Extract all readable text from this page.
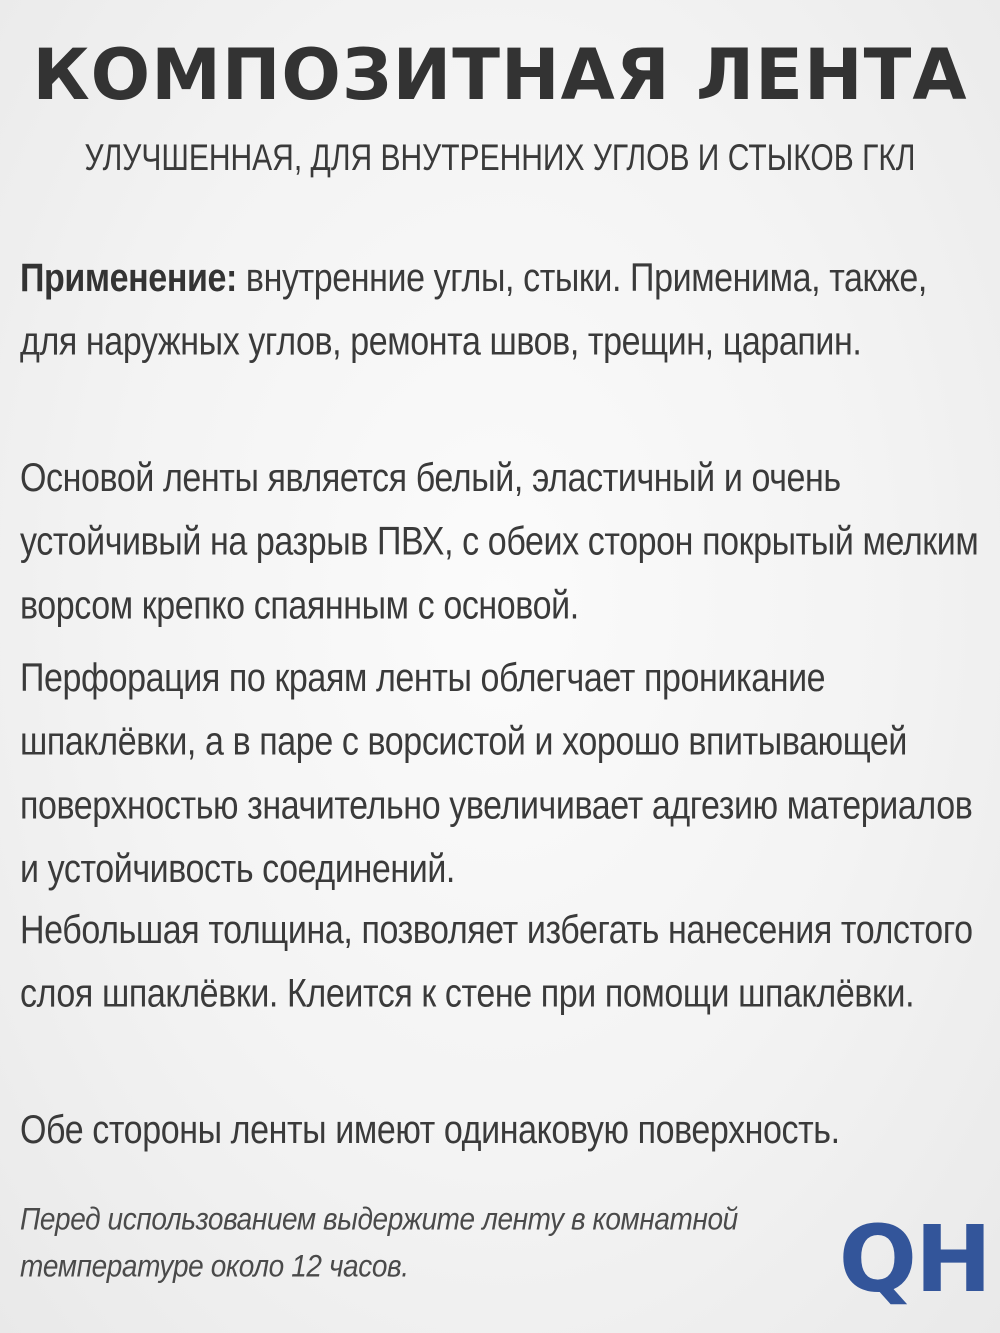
КОМПОЗИТНАЯ ЛЕНТА
УЛУЧШЕННАЯ, ДЛЯ ВНУТРЕННИХ УГЛОВ И СТЫКОВ ГКЛ

Применение: внутренние углы, стыки. Применима, также, для наружных углов, ремонта швов, трещин, царапин.

Основой ленты является белый, эластичный и очень устойчивый на разрыв ПВХ, с обеих сторон покрытый мелким ворсом крепко спаянным с основой.

Перфорация по краям ленты облегчает проникание шпаклёвки, а в паре с ворсистой и хорошо впитывающей поверхностью значительно увеличивает адгезию материалов и устойчивость соединений.

Небольшая толщина, позволяет избегать нанесения толстого слоя шпаклёвки. Клеится к стене при помощи шпаклёвки.

Обе стороны ленты имеют одинаковую поверхность.

Перед использованием выдержите ленту в комнатной температуре около 12 часов.	QH
